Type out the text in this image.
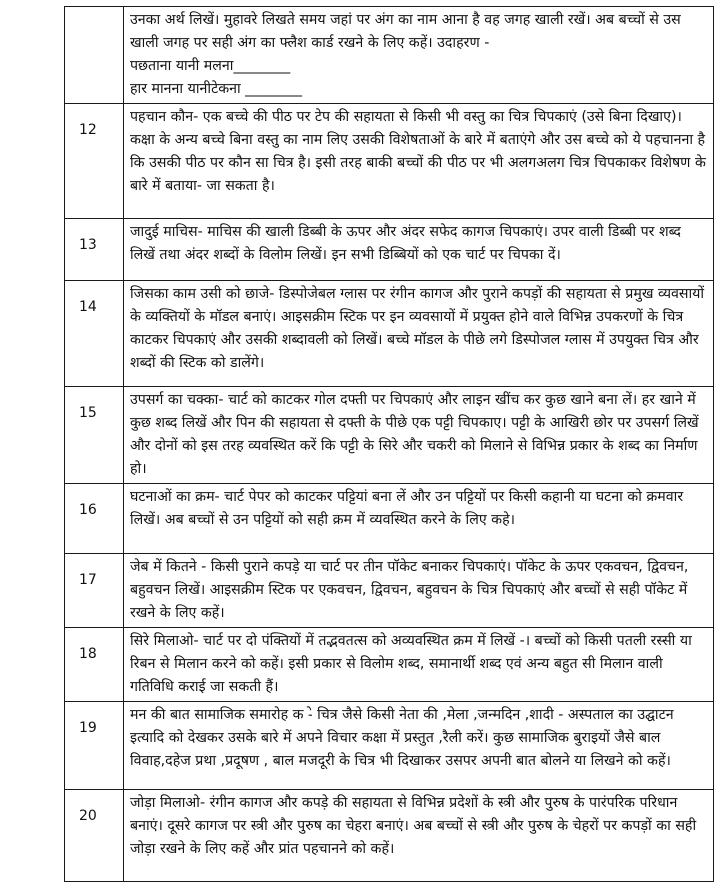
	उनका अर्थ लिखें। मुहावरे लिखते समय जहां पर अंग का नाम आना है वह जगह खाली रखें। अब बच्चों से उस खाली जगह पर सही अंग का फ्लैश कार्ड रखने के लिए कहें। उदाहरण -
पछताना यानी मलना________
हार मानना यानीटेकना ________

12	पहचान कौन- एक बच्चे की पीठ पर टेप की सहायता से किसी भी वस्तु का चित्र चिपकाएं (उसे बिना दिखाए)। कक्षा के अन्य बच्चे बिना वस्तु का नाम लिए उसकी विशेषताओं के बारे में बताएंगे और उस बच्चे को ये पहचानना है कि उसकी पीठ पर कौन सा चित्र है। इसी तरह बाकी बच्चों की पीठ पर भी अलगअलग चित्र चिपकाकर विशेषण के बारे में बताया- जा सकता है।
13	जादुई माचिस- माचिस की खाली डिब्बी के ऊपर और अंदर सफेद कागज चिपकाएं। उपर वाली डिब्बी पर शब्द लिखें तथा अंदर शब्दों के विलोम लिखें। इन सभी डिब्बियों को एक चार्ट पर चिपका दें।
14	जिसका काम उसी को छाजे- डिस्पोजेबल ग्लास पर रंगीन कागज और पुराने कपड़ों की सहायता से प्रमुख व्यवसायों के व्यक्तियों के मॉडल बनाएं। आइसक्रीम स्टिक पर इन व्यवसायों में प्रयुक्त होने वाले विभिन्न उपकरणों के चित्र काटकर चिपकाएं और उसकी शब्दावली को लिखें। बच्चे मॉडल के पीछे लगे डिस्पोजल ग्लास में उपयुक्त चित्र और शब्दों की स्टिक को डालेंगे।
15	उपसर्ग का चक्का- चार्ट को काटकर गोल दफ्ती पर चिपकाएं और लाइन खींच कर कुछ खाने बना लें। हर खाने में कुछ शब्द लिखें और पिन की सहायता से दफ्ती के पीछे एक पट्टी चिपकाए। पट्टी के आखिरी छोर पर उपसर्ग लिखें और दोनों को इस तरह व्यवस्थित करें कि पट्टी के सिरे और चकरी को मिलाने से विभिन्न प्रकार के शब्द का निर्माण हो।
16	घटनाओं का क्रम- चार्ट पेपर को काटकर पट्टियां बना लें और उन पट्टियों पर किसी कहानी या घटना को क्रमवार लिखें। अब बच्चों से उन पट्टियों को सही क्रम में व्यवस्थित करने के लिए कहे।
17	जेब में कितने - किसी पुराने कपड़े या चार्ट पर तीन पॉकेट बनाकर चिपकाएं। पॉकेट के ऊपर एकवचन, द्विवचन, बहुवचन लिखें। आइसक्रीम स्टिक पर एकवचन, द्विवचन, बहुवचन के चित्र चिपकाएं और बच्चों से सही पॉकेट में रखने के लिए कहें।
18	सिरे मिलाओ- चार्ट पर दो पंक्तियों में तद्भवतत्स को अव्यवस्थित क्रम में लिखें -। बच्चों को किसी पतली रस्सी या रिबन से मिलान करने को कहें। इसी प्रकार से विलोम शब्द, समानार्थी शब्द एवं अन्य बहुत सी मिलान वाली गतिविधि कराई जा सकती हैं।
19	मन की बात सामाजिक समारोह क -े चित्र जैसे किसी नेता की ,मेला ,जन्मदिन ,शादी - अस्पताल का उद्घाटन इत्यादि को देखकर उसके बारे में अपने विचार कक्षा में प्रस्तुत ,रैली करें। कुछ सामाजिक बुराइयों जैसे बाल विवाह,दहेज प्रथा ,प्रदूषण , बाल मजदूरी के चित्र भी दिखाकर उसपर अपनी बात बोलने या लिखने को कहें।
20	जोड़ा मिलाओ- रंगीन कागज और कपड़े की सहायता से विभिन्न प्रदेशों के स्त्री और पुरुष के पारंपरिक परिधान बनाएं। दूसरे कागज पर स्त्री और पुरुष का चेहरा बनाएं। अब बच्चों से स्त्री और पुरुष के चेहरों पर कपड़ों का सही जोड़ा रखने के लिए कहें और प्रांत पहचानने को कहें।
